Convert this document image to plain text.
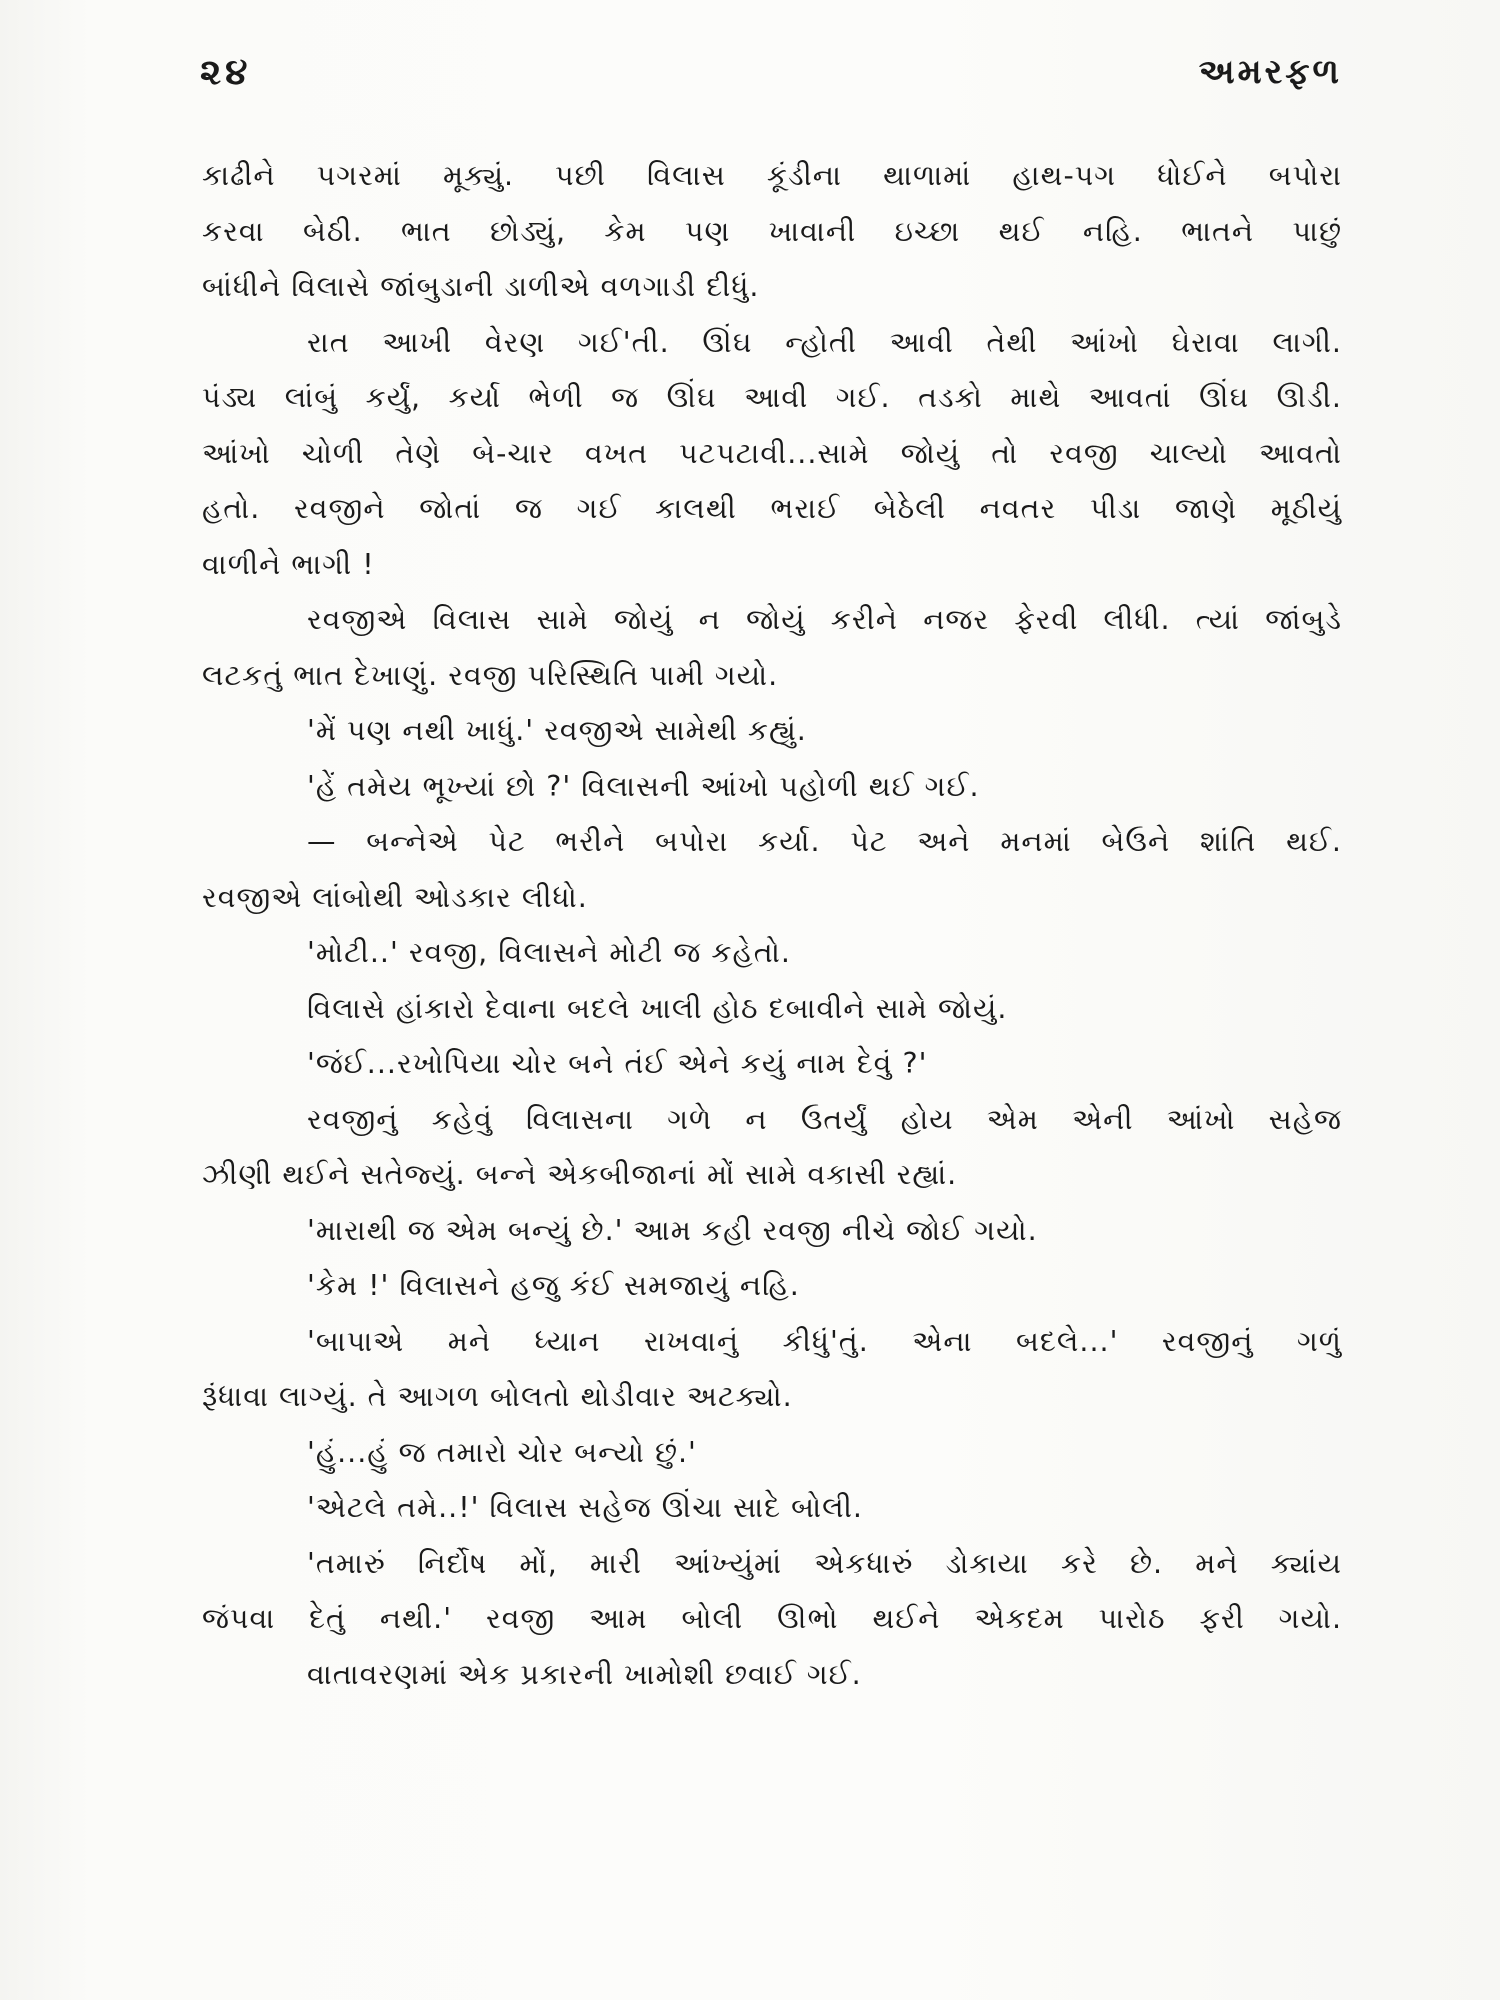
૨૪	અમરફળ
કાઢીને પગરમાં મૂક્યું. પછી વિલાસ કૂંડીના થાળામાં હાથ-પગ ધોઈને બપોરા
કરવા બેઠી. ભાત છોડ્યું, કેમ પણ ખાવાની ઇચ્છા થઈ નહિ. ભાતને પાછું
બાંધીને વિલાસે જાંબુડાની ડાળીએ વળગાડી દીધું.
રાત આખી વેરણ ગઈ'તી. ઊંઘ ન્હોતી આવી તેથી આંખો ઘેરાવા લાગી.
પંડ્ય લાંબું કર્યું, કર્યા ભેળી જ ઊંઘ આવી ગઈ. તડકો માથે આવતાં ઊંઘ ઊડી.
આંખો ચોળી તેણે બે-ચાર વખત પટપટાવી...સામે જોયું તો રવજી ચાલ્યો આવતો
હતો. રવજીને જોતાં જ ગઈ કાલથી ભરાઈ બેઠેલી નવતર પીડા જાણે મૂઠીયું
વાળીને ભાગી !
રવજીએ વિલાસ સામે જોયું ન જોયું કરીને નજર ફેરવી લીધી. ત્યાં જાંબુડે
લટકતું ભાત દેખાણું. રવજી પરિસ્થિતિ પામી ગયો.
'મેં પણ નથી ખાધું.' રવજીએ સામેથી કહ્યું.
'હેં તમેય ભૂખ્યાં છો ?' વિલાસની આંખો પહોળી થઈ ગઈ.
— બન્નેએ પેટ ભરીને બપોરા કર્યા. પેટ અને મનમાં બેઉને શાંતિ થઈ.
રવજીએ લાંબોથી ઓડકાર લીધો.
'મોટી..' રવજી, વિલાસને મોટી જ કહેતો.
વિલાસે હાંકારો દેવાના બદલે ખાલી હોઠ દબાવીને સામે જોયું.
'જંઈ...રખોપિયા ચોર બને તંઈ એને કયું નામ દેવું ?'
રવજીનું કહેવું વિલાસના ગળે ન ઉતર્યું હોય એમ એની આંખો સહેજ
ઝીણી થઈને સતેજ્યું. બન્ને એકબીજાનાં મોં સામે વકાસી રહ્યાં.
'મારાથી જ એમ બન્યું છે.' આમ કહી રવજી નીચે જોઈ ગયો.
'કેમ !' વિલાસને હજુ કંઈ સમજાયું નહિ.
'બાપાએ મને ધ્યાન રાખવાનું કીધું'તું. એના બદલે...' રવજીનું ગળું
રૂંધાવા લાગ્યું. તે આગળ બોલતો થોડીવાર અટક્યો.
'હું...હું જ તમારો ચોર બન્યો છું.'
'એટલે તમે..!' વિલાસ સહેજ ઊંચા સાદે બોલી.
'તમારું નિર્દોષ મોં, મારી આંખ્યુંમાં એકધારું ડોકાયા કરે છે. મને ક્યાંય
જંપવા દેતું નથી.' રવજી આમ બોલી ઊભો થઈને એકદમ પારોઠ ફરી ગયો.
વાતાવરણમાં એક પ્રકારની ખામોશી છવાઈ ગઈ.
